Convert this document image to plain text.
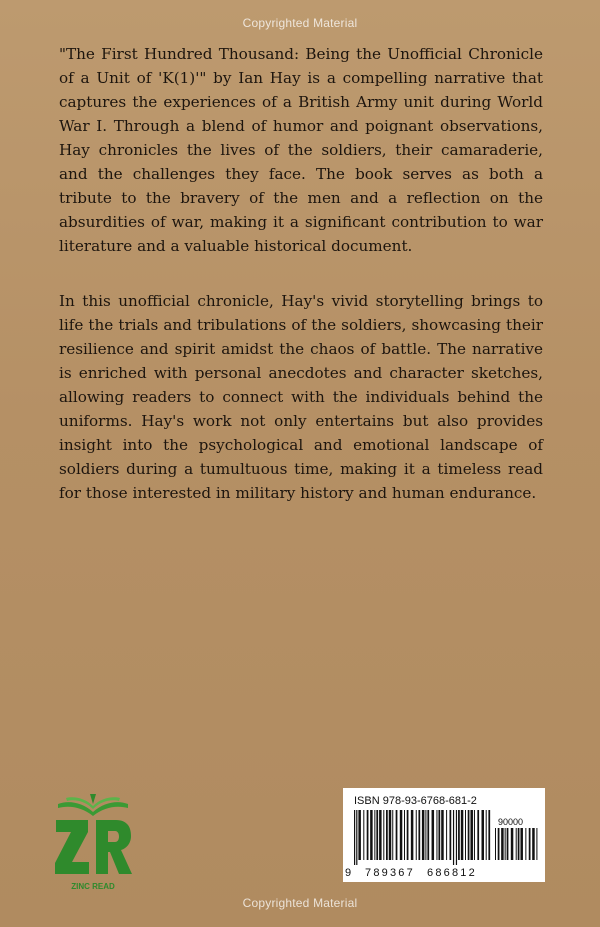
Copyrighted Material

"The First Hundred Thousand: Being the Unofficial Chronicle of a Unit of 'K(1)'" by Ian Hay is a compelling narrative that captures the experiences of a British Army unit during World War I. Through a blend of humor and poignant observations, Hay chronicles the lives of the soldiers, their camaraderie, and the challenges they face. The book serves as both a tribute to the bravery of the men and a reflection on the absurdities of war, making it a significant contribution to war literature and a valuable historical document.

In this unofficial chronicle, Hay's vivid storytelling brings to life the trials and tribulations of the soldiers, showcasing their resilience and spirit amidst the chaos of battle. The narrative is enriched with personal anecdotes and character sketches, allowing readers to connect with the individuals behind the uniforms. Hay's work not only entertains but also provides insight into the psychological and emotional landscape of soldiers during a tumultuous time, making it a timeless read for those interested in military history and human endurance.

ZINC READ
ISBN 978-93-6768-681-2
90000
9 789367 686812
Copyrighted Material
